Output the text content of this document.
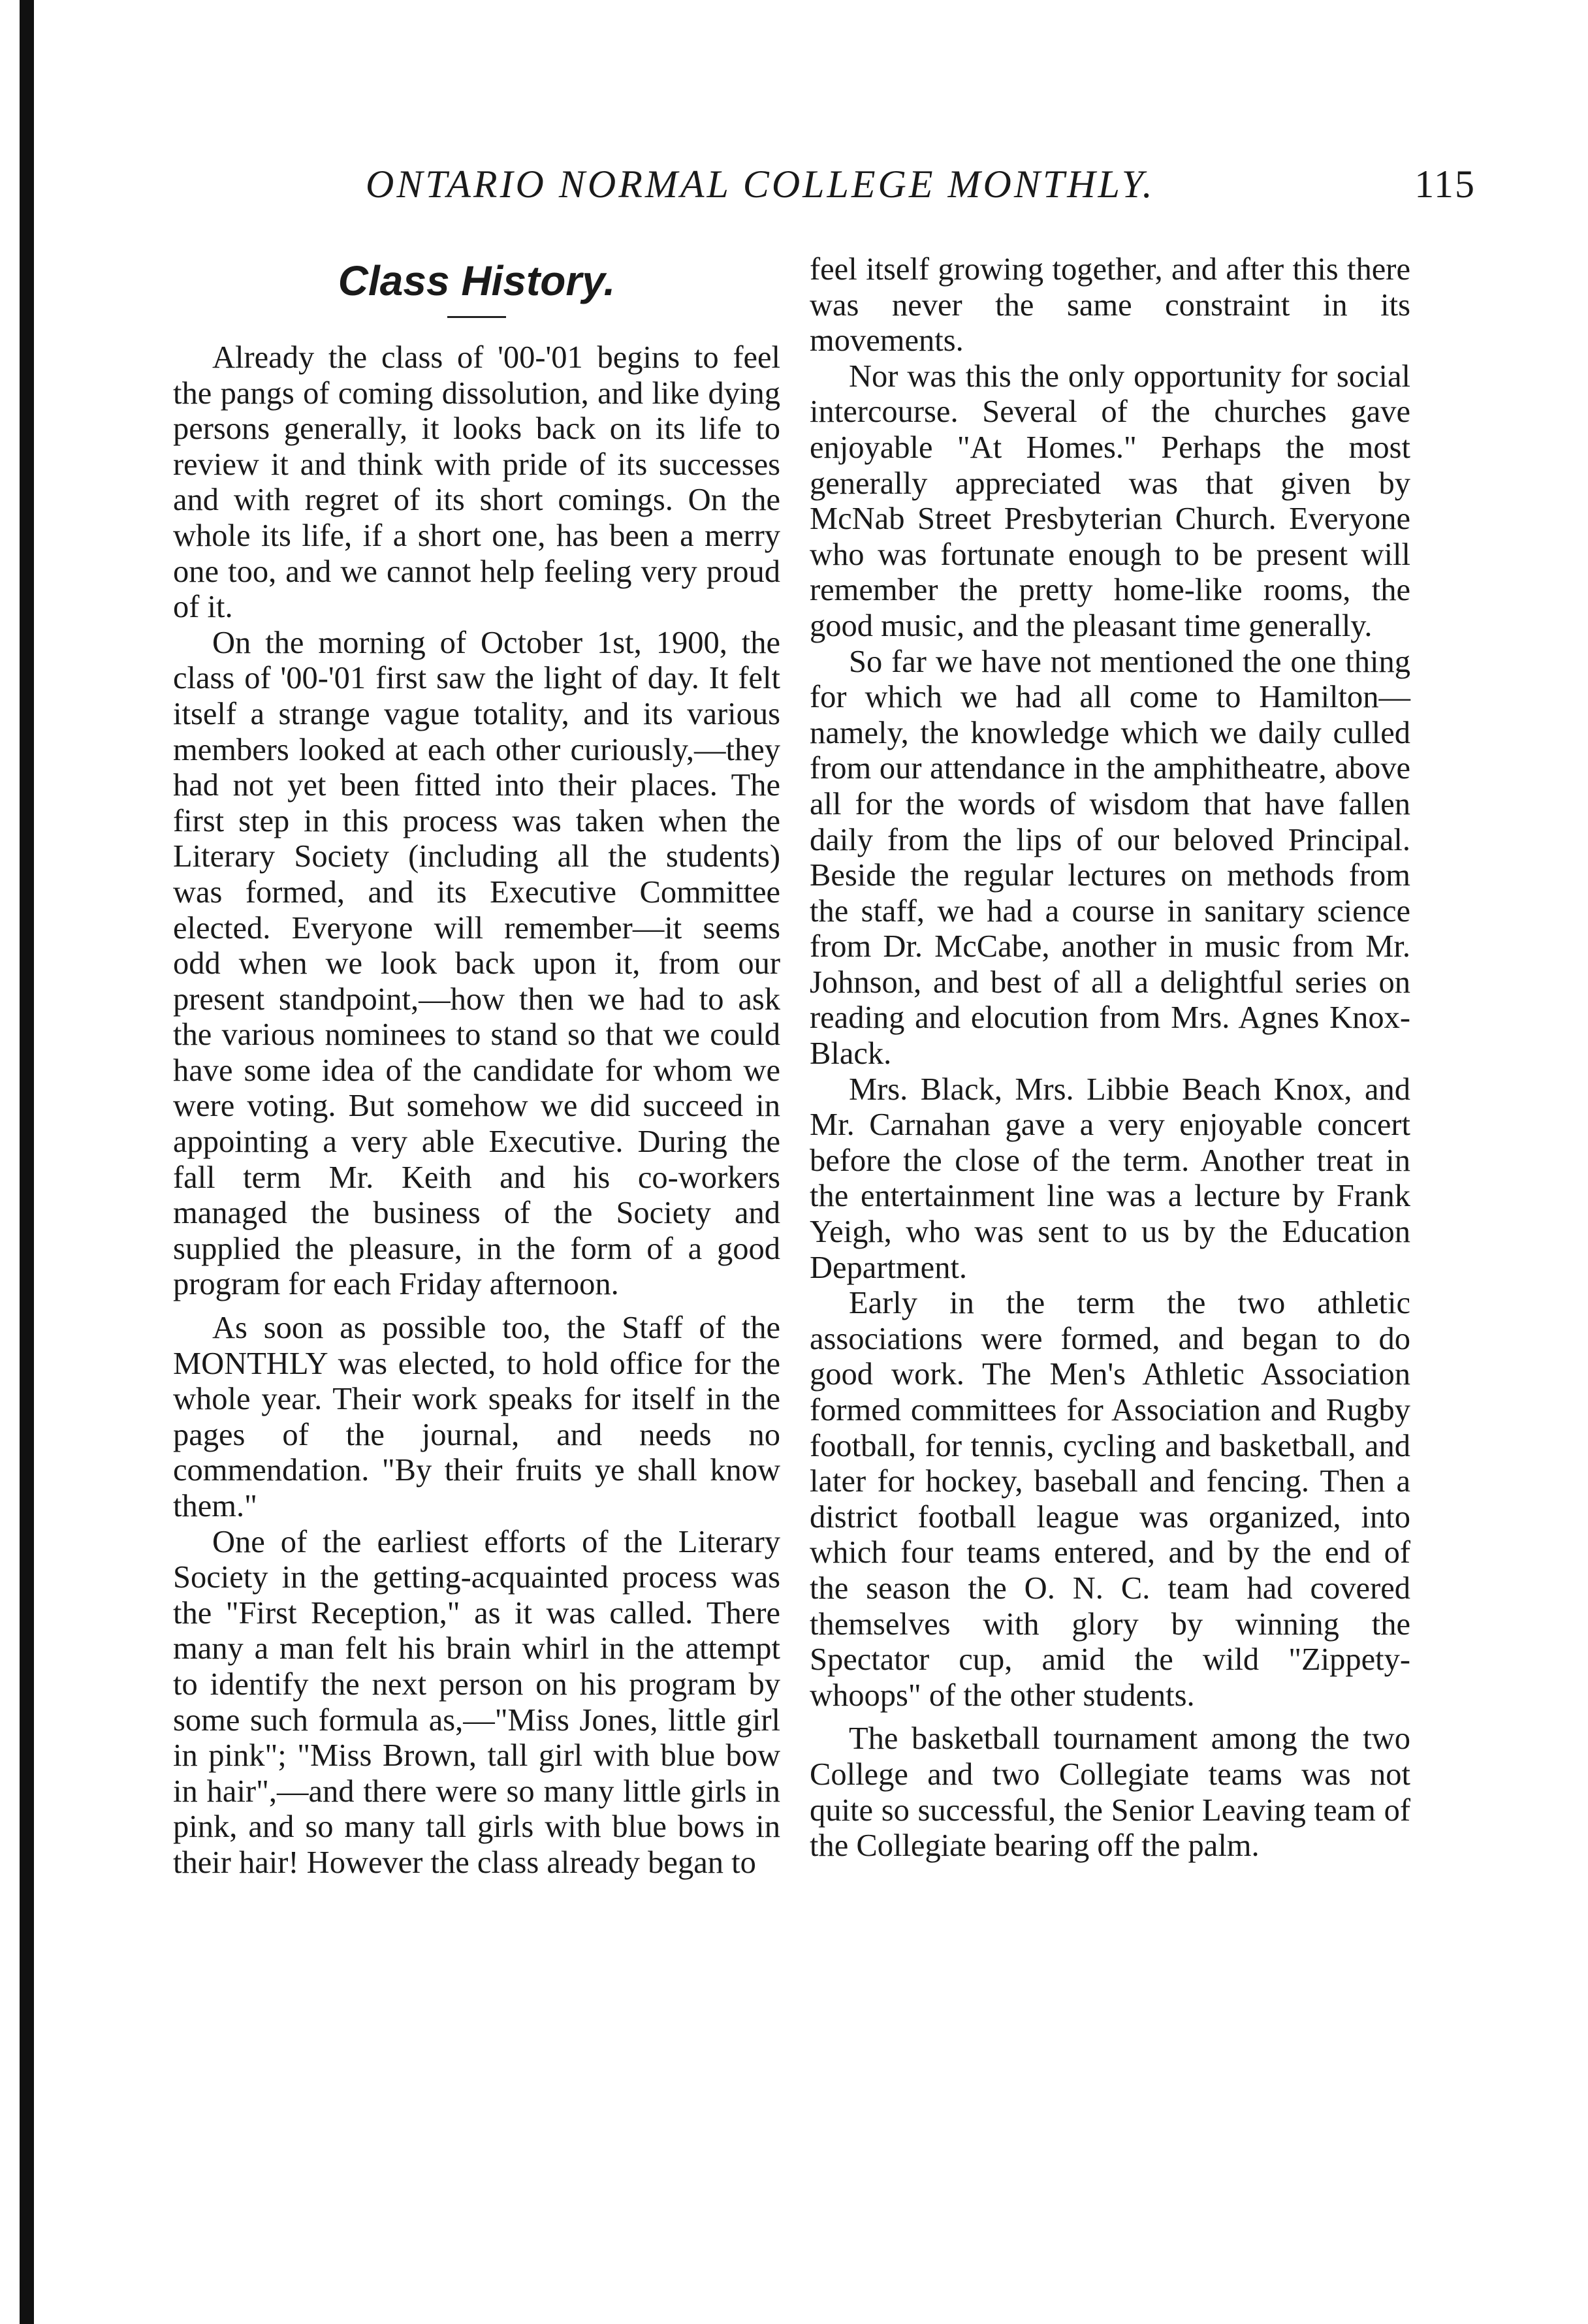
ONTARIO NORMAL COLLEGE MONTHLY.	115
Class History.

Already the class of '00-'01 begins to feel the pangs of coming dissolution, and like dying persons generally, it looks back on its life to review it and think with pride of its successes and with regret of its short comings. On the whole its life, if a short one, has been a merry one too, and we cannot help feeling very proud of it.

On the morning of October 1st, 1900, the class of '00-'01 first saw the light of day. It felt itself a strange vague totality, and its various members looked at each other curiously,—they had not yet been fitted into their places. The first step in this process was taken when the Literary Society (including all the students) was formed, and its Executive Committee elected. Everyone will remember—it seems odd when we look back upon it, from our present standpoint,—how then we had to ask the various nominees to stand so that we could have some idea of the candidate for whom we were voting. But somehow we did succeed in appointing a very able Executive. During the fall term Mr. Keith and his co-workers managed the business of the Society and supplied the pleasure, in the form of a good program for each Friday afternoon.

As soon as possible too, the Staff of the MONTHLY was elected, to hold office for the whole year. Their work speaks for itself in the pages of the journal, and needs no commendation. "By their fruits ye shall know them."

One of the earliest efforts of the Literary Society in the getting-acquainted process was the "First Reception," as it was called. There many a man felt his brain whirl in the attempt to identify the next person on his program by some such formula as,—"Miss Jones, little girl in pink"; "Miss Brown, tall girl with blue bow in hair",—and there were so many little girls in pink, and so many tall girls with blue bows in their hair! However the class already began to

feel itself growing together, and after this there was never the same constraint in its movements.

Nor was this the only opportunity for social intercourse. Several of the churches gave enjoyable "At Homes." Perhaps the most generally appreciated was that given by McNab Street Presbyterian Church. Everyone who was fortunate enough to be present will remember the pretty home-like rooms, the good music, and the pleasant time generally.

So far we have not mentioned the one thing for which we had all come to Hamilton—namely, the knowledge which we daily culled from our attendance in the amphitheatre, above all for the words of wisdom that have fallen daily from the lips of our beloved Principal. Beside the regular lectures on methods from the staff, we had a course in sanitary science from Dr. McCabe, another in music from Mr. Johnson, and best of all a delightful series on reading and elocution from Mrs. Agnes Knox-Black.

Mrs. Black, Mrs. Libbie Beach Knox, and Mr. Carnahan gave a very enjoyable concert before the close of the term. Another treat in the entertainment line was a lecture by Frank Yeigh, who was sent to us by the Education Department.

Early in the term the two athletic associations were formed, and began to do good work. The Men's Athletic Association formed committees for Association and Rugby football, for tennis, cycling and basketball, and later for hockey, baseball and fencing. Then a district football league was organized, into which four teams entered, and by the end of the season the O. N. C. team had covered themselves with glory by winning the Spectator cup, amid the wild "Zippety-whoops" of the other students.

The basketball tournament among the two College and two Collegiate teams was not quite so successful, the Senior Leaving team of the Collegiate bearing off the palm.
